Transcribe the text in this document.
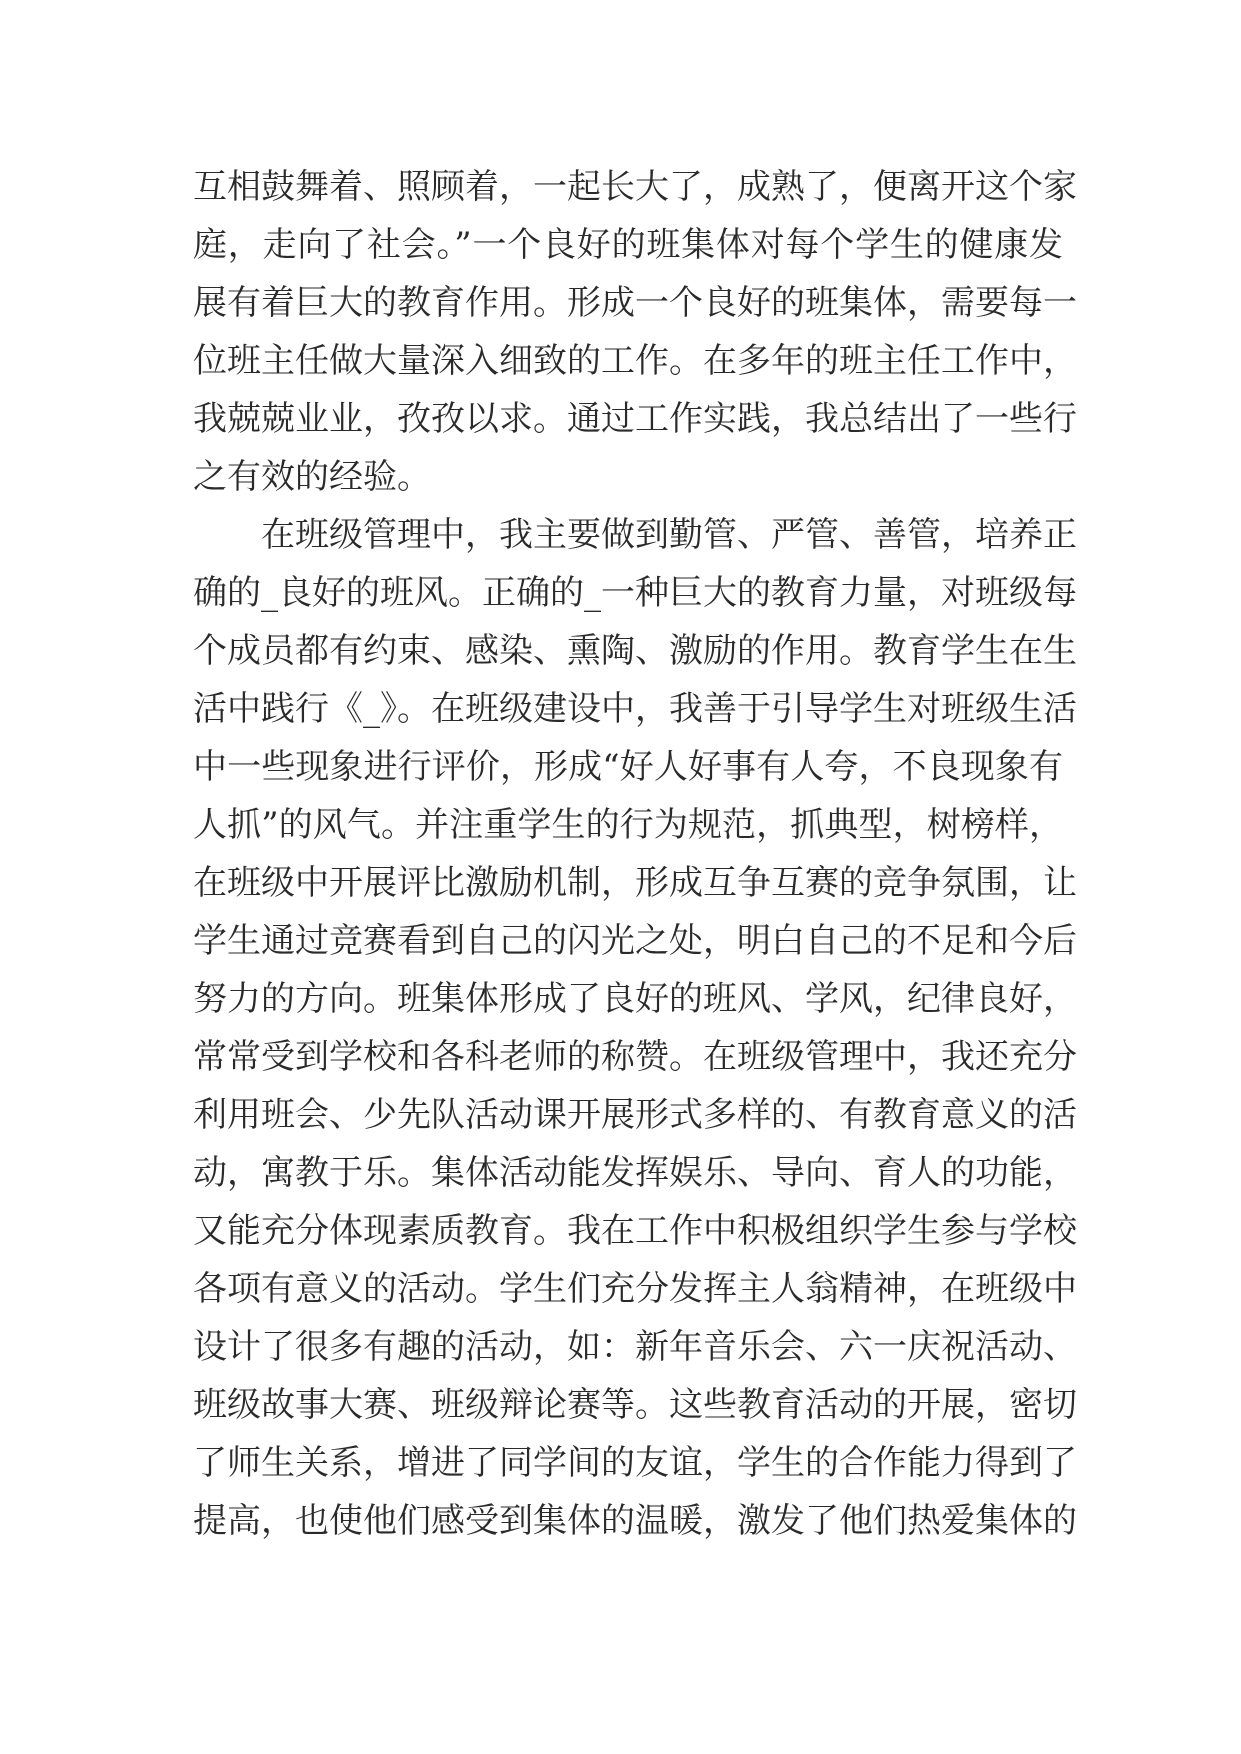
互相鼓舞着、照顾着，一起长大了，成熟了，便离开这个家
庭，走向了社会。”一个良好的班集体对每个学生的健康发
展有着巨大的教育作用。形成一个良好的班集体，需要每一
位班主任做大量深入细致的工作。在多年的班主任工作中，
我兢兢业业，孜孜以求。通过工作实践，我总结出了一些行
之有效的经验。
在班级管理中，我主要做到勤管、严管、善管，培养正
确的_良好的班风。正确的_一种巨大的教育力量，对班级每
个成员都有约束、感染、熏陶、激励的作用。教育学生在生
活中践行《_》。在班级建设中，我善于引导学生对班级生活
中一些现象进行评价，形成“好人好事有人夸，不良现象有
人抓”的风气。并注重学生的行为规范，抓典型，树榜样，
在班级中开展评比激励机制，形成互争互赛的竞争氛围，让
学生通过竞赛看到自己的闪光之处，明白自己的不足和今后
努力的方向。班集体形成了良好的班风、学风，纪律良好，
常常受到学校和各科老师的称赞。在班级管理中，我还充分
利用班会、少先队活动课开展形式多样的、有教育意义的活
动，寓教于乐。集体活动能发挥娱乐、导向、育人的功能，
又能充分体现素质教育。我在工作中积极组织学生参与学校
各项有意义的活动。学生们充分发挥主人翁精神，在班级中
设计了很多有趣的活动，如：新年音乐会、六一庆祝活动、
班级故事大赛、班级辩论赛等。这些教育活动的开展，密切
了师生关系，增进了同学间的友谊，学生的合作能力得到了
提高，也使他们感受到集体的温暖，激发了他们热爱集体的
